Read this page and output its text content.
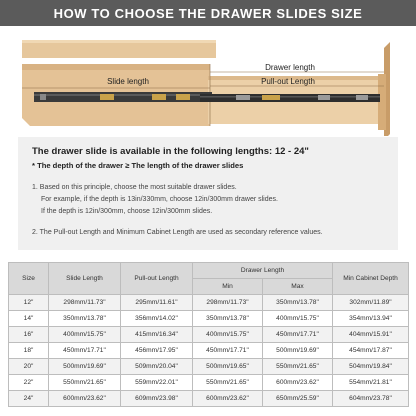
HOW TO CHOOSE THE DRAWER SLIDES SIZE
Slide length
Drawer length
Pull-out Length
The drawer slide is available in the following lengths: 12 - 24"
* The depth of the drawer ≥ The length of the drawer slides
1. Based on this principle, choose the most suitable drawer slides.
For example, if the depth is 13in/330mm, choose 12in/300mm drawer slides.
If the depth is 12in/300mm, choose 12in/300mm slides.
2. The Pull-out Length and Minimum Cabinet Length are used as secondary reference values.
Size	Slide Length	Pull-out Length	Drawer Length		Min Cabinet Depth
			Min	Max	
12"	298mm/11.73"	295mm/11.61"	298mm/11.73"	350mm/13.78"	302mm/11.89"
14"	350mm/13.78"	356mm/14.02"	350mm/13.78"	400mm/15.75"	354mm/13.94"
16"	400mm/15.75"	415mm/16.34"	400mm/15.75"	450mm/17.71"	404mm/15.91"
18"	450mm/17.71"	456mm/17.95"	450mm/17.71"	500mm/19.69"	454mm/17.87"
20"	500mm/19.69"	509mm/20.04"	500mm/19.65"	550mm/21.65"	504mm/19.84"
22"	550mm/21.65"	559mm/22.01"	550mm/21.65"	600mm/23.62"	554mm/21.81"
24"	600mm/23.62"	609mm/23.98"	600mm/23.62"	650mm/25.59"	604mm/23.78"
